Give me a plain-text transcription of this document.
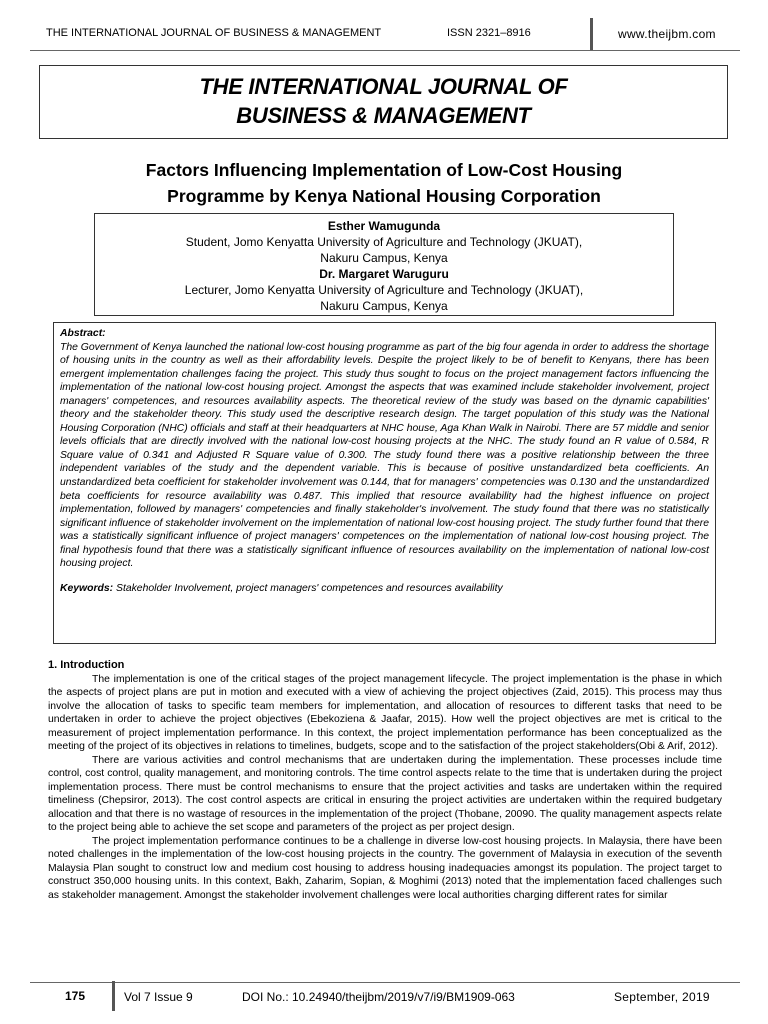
THE INTERNATIONAL JOURNAL OF BUSINESS & MANAGEMENT	ISSN 2321–8916	www.theijbm.com
THE INTERNATIONAL JOURNAL OF
BUSINESS & MANAGEMENT
Factors Influencing Implementation of Low-Cost Housing
Programme by Kenya National Housing Corporation
Esther Wamugunda
Student, Jomo Kenyatta University of Agriculture and Technology (JKUAT),
Nakuru Campus, Kenya
Dr. Margaret Waruguru
Lecturer, Jomo Kenyatta University of Agriculture and Technology (JKUAT),
Nakuru Campus, Kenya
Abstract:
The Government of Kenya launched the national low-cost housing programme as part of the big four agenda in order to address the shortage of housing units in the country as well as their affordability levels. Despite the project likely to be of benefit to Kenyans, there has been emergent implementation challenges facing the project. This study thus sought to focus on the project management factors influencing the implementation of the national low-cost housing project. Amongst the aspects that was examined include stakeholder involvement, project managers' competences, and resources availability aspects. The theoretical review of the study was based on the dynamic capabilities' theory and the stakeholder theory. This study used the descriptive research design. The target population of this study was the National Housing Corporation (NHC) officials and staff at their headquarters at NHC house, Aga Khan Walk in Nairobi. There are 57 middle and senior levels officials that are directly involved with the national low-cost housing projects at the NHC. The study found an R value of 0.584, R Square value of 0.341 and Adjusted R Square value of 0.300. The study found there was a positive relationship between the three independent variables of the study and the dependent variable. This is because of positive unstandardized beta coefficients. An unstandardized beta coefficient for stakeholder involvement was 0.144, that for managers' competencies was 0.130 and the unstandardized beta coefficients for resource availability was 0.487. This implied that resource availability had the highest influence on project implementation, followed by managers' competencies and finally stakeholder's involvement. The study found that there was no statistically significant influence of stakeholder involvement on the implementation of national low-cost housing project. The study further found that there was a statistically significant influence of project managers' competences on the implementation of national low-cost housing project. The final hypothesis found that there was a statistically significant influence of resources availability on the implementation of national low-cost housing project.
Keywords: Stakeholder Involvement, project managers' competences and resources availability
1. Introduction

The implementation is one of the critical stages of the project management lifecycle. The project implementation is the phase in which the aspects of project plans are put in motion and executed with a view of achieving the project objectives (Zaid, 2015). This process may thus involve the allocation of tasks to specific team members for implementation, and allocation of resources to different tasks that need to be undertaken in order to achieve the project objectives (Ebekoziena & Jaafar, 2015). How well the project objectives are met is critical to the measurement of project implementation performance. In this context, the project implementation performance has been conceptualized as the meeting of the project of its objectives in relations to timelines, budgets, scope and to the satisfaction of the project stakeholders(Obi & Arif, 2012).

There are various activities and control mechanisms that are undertaken during the implementation. These processes include time control, cost control, quality management, and monitoring controls. The time control aspects relate to the time that is undertaken during the project implementation process. There must be control mechanisms to ensure that the project activities and tasks are undertaken within the required timeliness (Chepsiror, 2013). The cost control aspects are critical in ensuring the project activities are undertaken within the required budgetary allocation and that there is no wastage of resources in the implementation of the project (Thobane, 20090. The quality management aspects relate to the project being able to achieve the set scope and parameters of the project as per project design.

The project implementation performance continues to be a challenge in diverse low-cost housing projects. In Malaysia, there have been noted challenges in the implementation of the low-cost housing projects in the country. The government of Malaysia in execution of the seventh Malaysia Plan sought to construct low and medium cost housing to address housing inadequacies amongst its population. The project target to construct 350,000 housing units. In this context, Bakh, Zaharim, Sopian, & Moghimi (2013) noted that the implementation faced challenges such as stakeholder management. Amongst the stakeholder involvement challenges were local authorities charging different rates for similar

175	Vol 7 Issue 9	DOI No.: 10.24940/theijbm/2019/v7/i9/BM1909-063	September, 2019
